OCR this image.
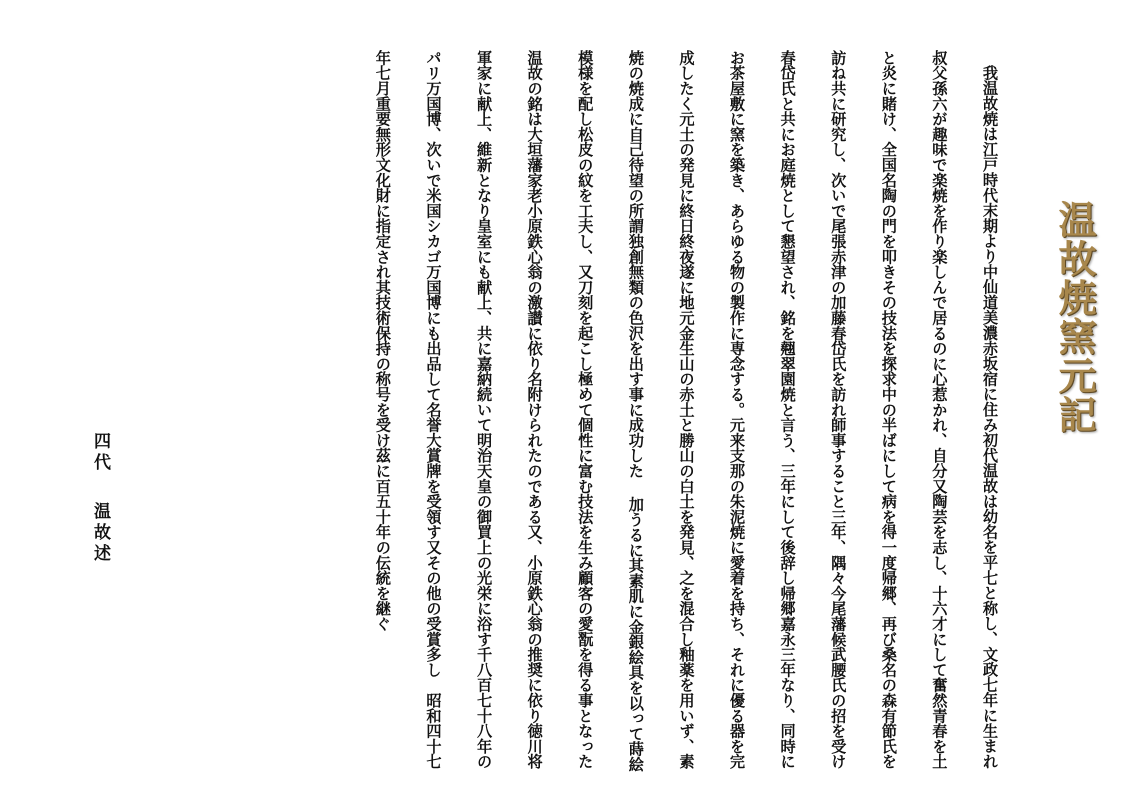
温故焼窯元記

我温故焼は江戸時代末期より中仙道美濃赤坂宿に住み初代温故は幼名を平七と称し、文政七年に生まれ叔父孫六が趣味で楽焼を作り楽しんで居るのに心惹かれ、自分又陶芸を志し、十六才にして奮然青春を土と炎に賭け、全国名陶の門を叩きその技法を探求中の半ばにして病を得一度帰郷、再び桑名の森有節氏を訪ね共に研究し、次いで尾張赤津の加藤春岱氏を訪れ師事すること三年、隅々今尾藩候武腰氏の招を受け春岱氏と共にお庭焼として懇望され、銘を翹翠園焼と言う、三年にして後辞し帰郷嘉永三年なり、同時にお茶屋敷に窯を築き、あらゆる物の製作に専念する。元来支那の朱泥焼に愛着を持ち、それに優る器を完成したく元土の発見に終日終夜遂に地元金生山の赤土と勝山の白土を発見、之を混合し釉薬を用いず、素焼の焼成に自己待望の所謂独創無類の色沢を出す事に成功した 加うるに其素肌に金銀絵具を以って蒔絵模様を配し松皮の紋を工夫し、又刀刻を起こし極めて個性に富む技法を生み顧客の愛翫を得る事となった 温故の銘は大垣藩家老小原鉄心翁の激讃に依り名附けられたのである又、小原鉄心翁の推奨に依り徳川将軍家に献上、維新となり皇室にも献上、共に嘉納続いて明治天皇の御買上の光栄に浴す千八百七十八年のパリ万国博、次いで米国シカゴ万国博にも出品して名誉大賞牌を受領す又その他の受賞多し　昭和四十七年七月重要無形文化財に指定され其技術保持の称号を受け茲に百五十年の伝統を継ぐ

四代温故述
